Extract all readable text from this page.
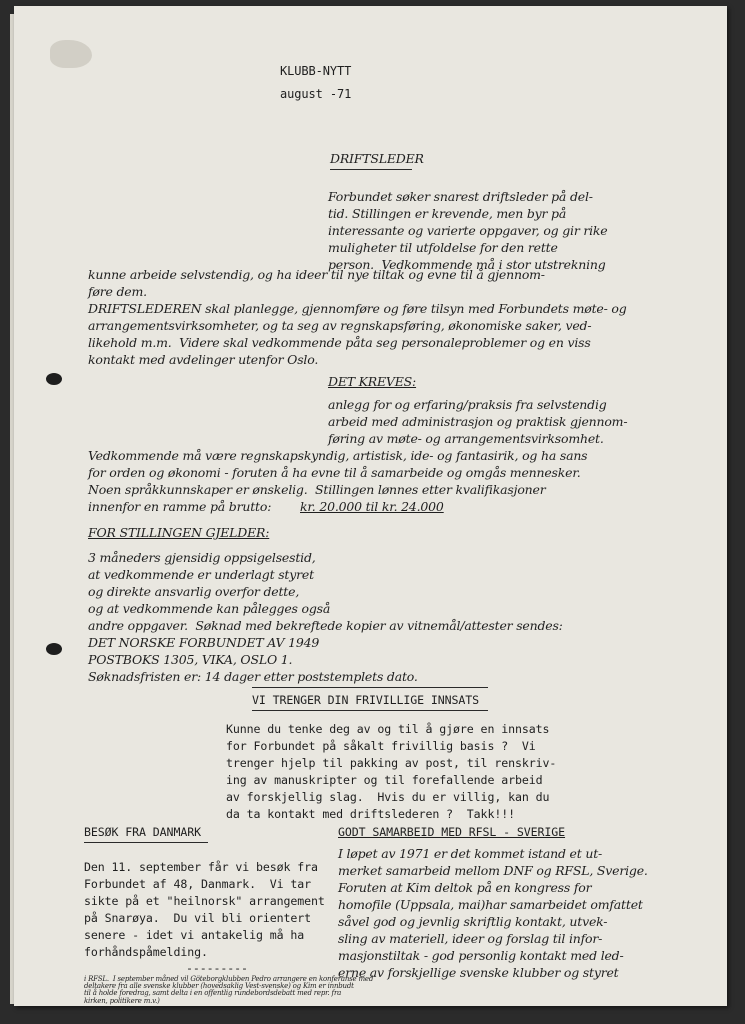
KLUBB-NYTT
august -71
DRIFTSLEDER
Forbundet søker snarest driftsleder på del-
tid. Stillingen er krevende, men byr på
interessante og varierte oppgaver, og gir rike
muligheter til utfoldelse for den rette
person.  Vedkommende må i stor utstrekning
kunne arbeide selvstendig, og ha ideer til nye tiltak og evne til å gjennom-
føre dem.
DRIFTSLEDEREN skal planlegge, gjennomføre og føre tilsyn med Forbundets møte- og
arrangementsvirksomheter, og ta seg av regnskapsføring, økonomiske saker, ved-
likehold m.m.  Videre skal vedkommende påta seg personaleproblemer og en viss
kontakt med avdelinger utenfor Oslo.
DET KREVES:
anlegg for og erfaring/praksis fra selvstendig
arbeid med administrasjon og praktisk gjennom-
føring av møte- og arrangementsvirksomhet.
Vedkommende må være regnskapskyndig, artistisk, ide- og fantasirik, og ha sans
for orden og økonomi - foruten å ha evne til å samarbeide og omgås mennesker.
Noen språkkunnskaper er ønskelig.  Stillingen lønnes etter kvalifikasjoner
innenfor en ramme på brutto: kr. 20.000 til kr. 24.000
FOR STILLINGEN GJELDER:
3 måneders gjensidig oppsigelsestid,
at vedkommende er underlagt styret
og direkte ansvarlig overfor dette,
og at vedkommende kan pålegges også
andre oppgaver.  Søknad med bekreftede kopier av vitnemål/attester sendes:
DET NORSKE FORBUNDET AV 1949
POSTBOKS 1305, VIKA, OSLO 1.
Søknadsfristen er: 14 dager etter poststemplets dato.
VI TRENGER DIN FRIVILLIGE INNSATS
Kunne du tenke deg av og til å gjøre en innsats
for Forbundet på såkalt frivillig basis ?  Vi
trenger hjelp til pakking av post, til renskriv-
ing av manuskripter og til forefallende arbeid
av forskjellig slag.  Hvis du er villig, kan du
da ta kontakt med driftslederen ?  Takk!!!
BESØK FRA DANMARK
Den 11. september får vi besøk fra
Forbundet af 48, Danmark.  Vi tar
sikte på et "heilnorsk" arrangement
på Snarøya.  Du vil bli orientert
senere - idet vi antakelig må ha
forhåndspåmelding.
---------
GODT SAMARBEID MED RFSL - SVERIGE
I løpet av 1971 er det kommet istand et ut-
merket samarbeid mellom DNF og RFSL, Sverige.
Foruten at Kim deltok på en kongress for
homofile (Uppsala, mai)har samarbeidet omfattet
såvel god og jevnlig skriftlig kontakt, utvek-
sling av materiell, ideer og forslag til infor-
masjonstiltak - god personlig kontakt med led-
erne av forskjellige svenske klubber og styret
i RFSL.  I september måned vil Göteborgklubben Pedro arrangere en konferanse med
deltakere fra alle svenske klubber (hovedsaklig Vest-svenske) og Kim er innbudt
til å holde foredrag, samt delta i en offentlig rundebordsdebatt med repr. fra
kirken, politikere m.v.)
